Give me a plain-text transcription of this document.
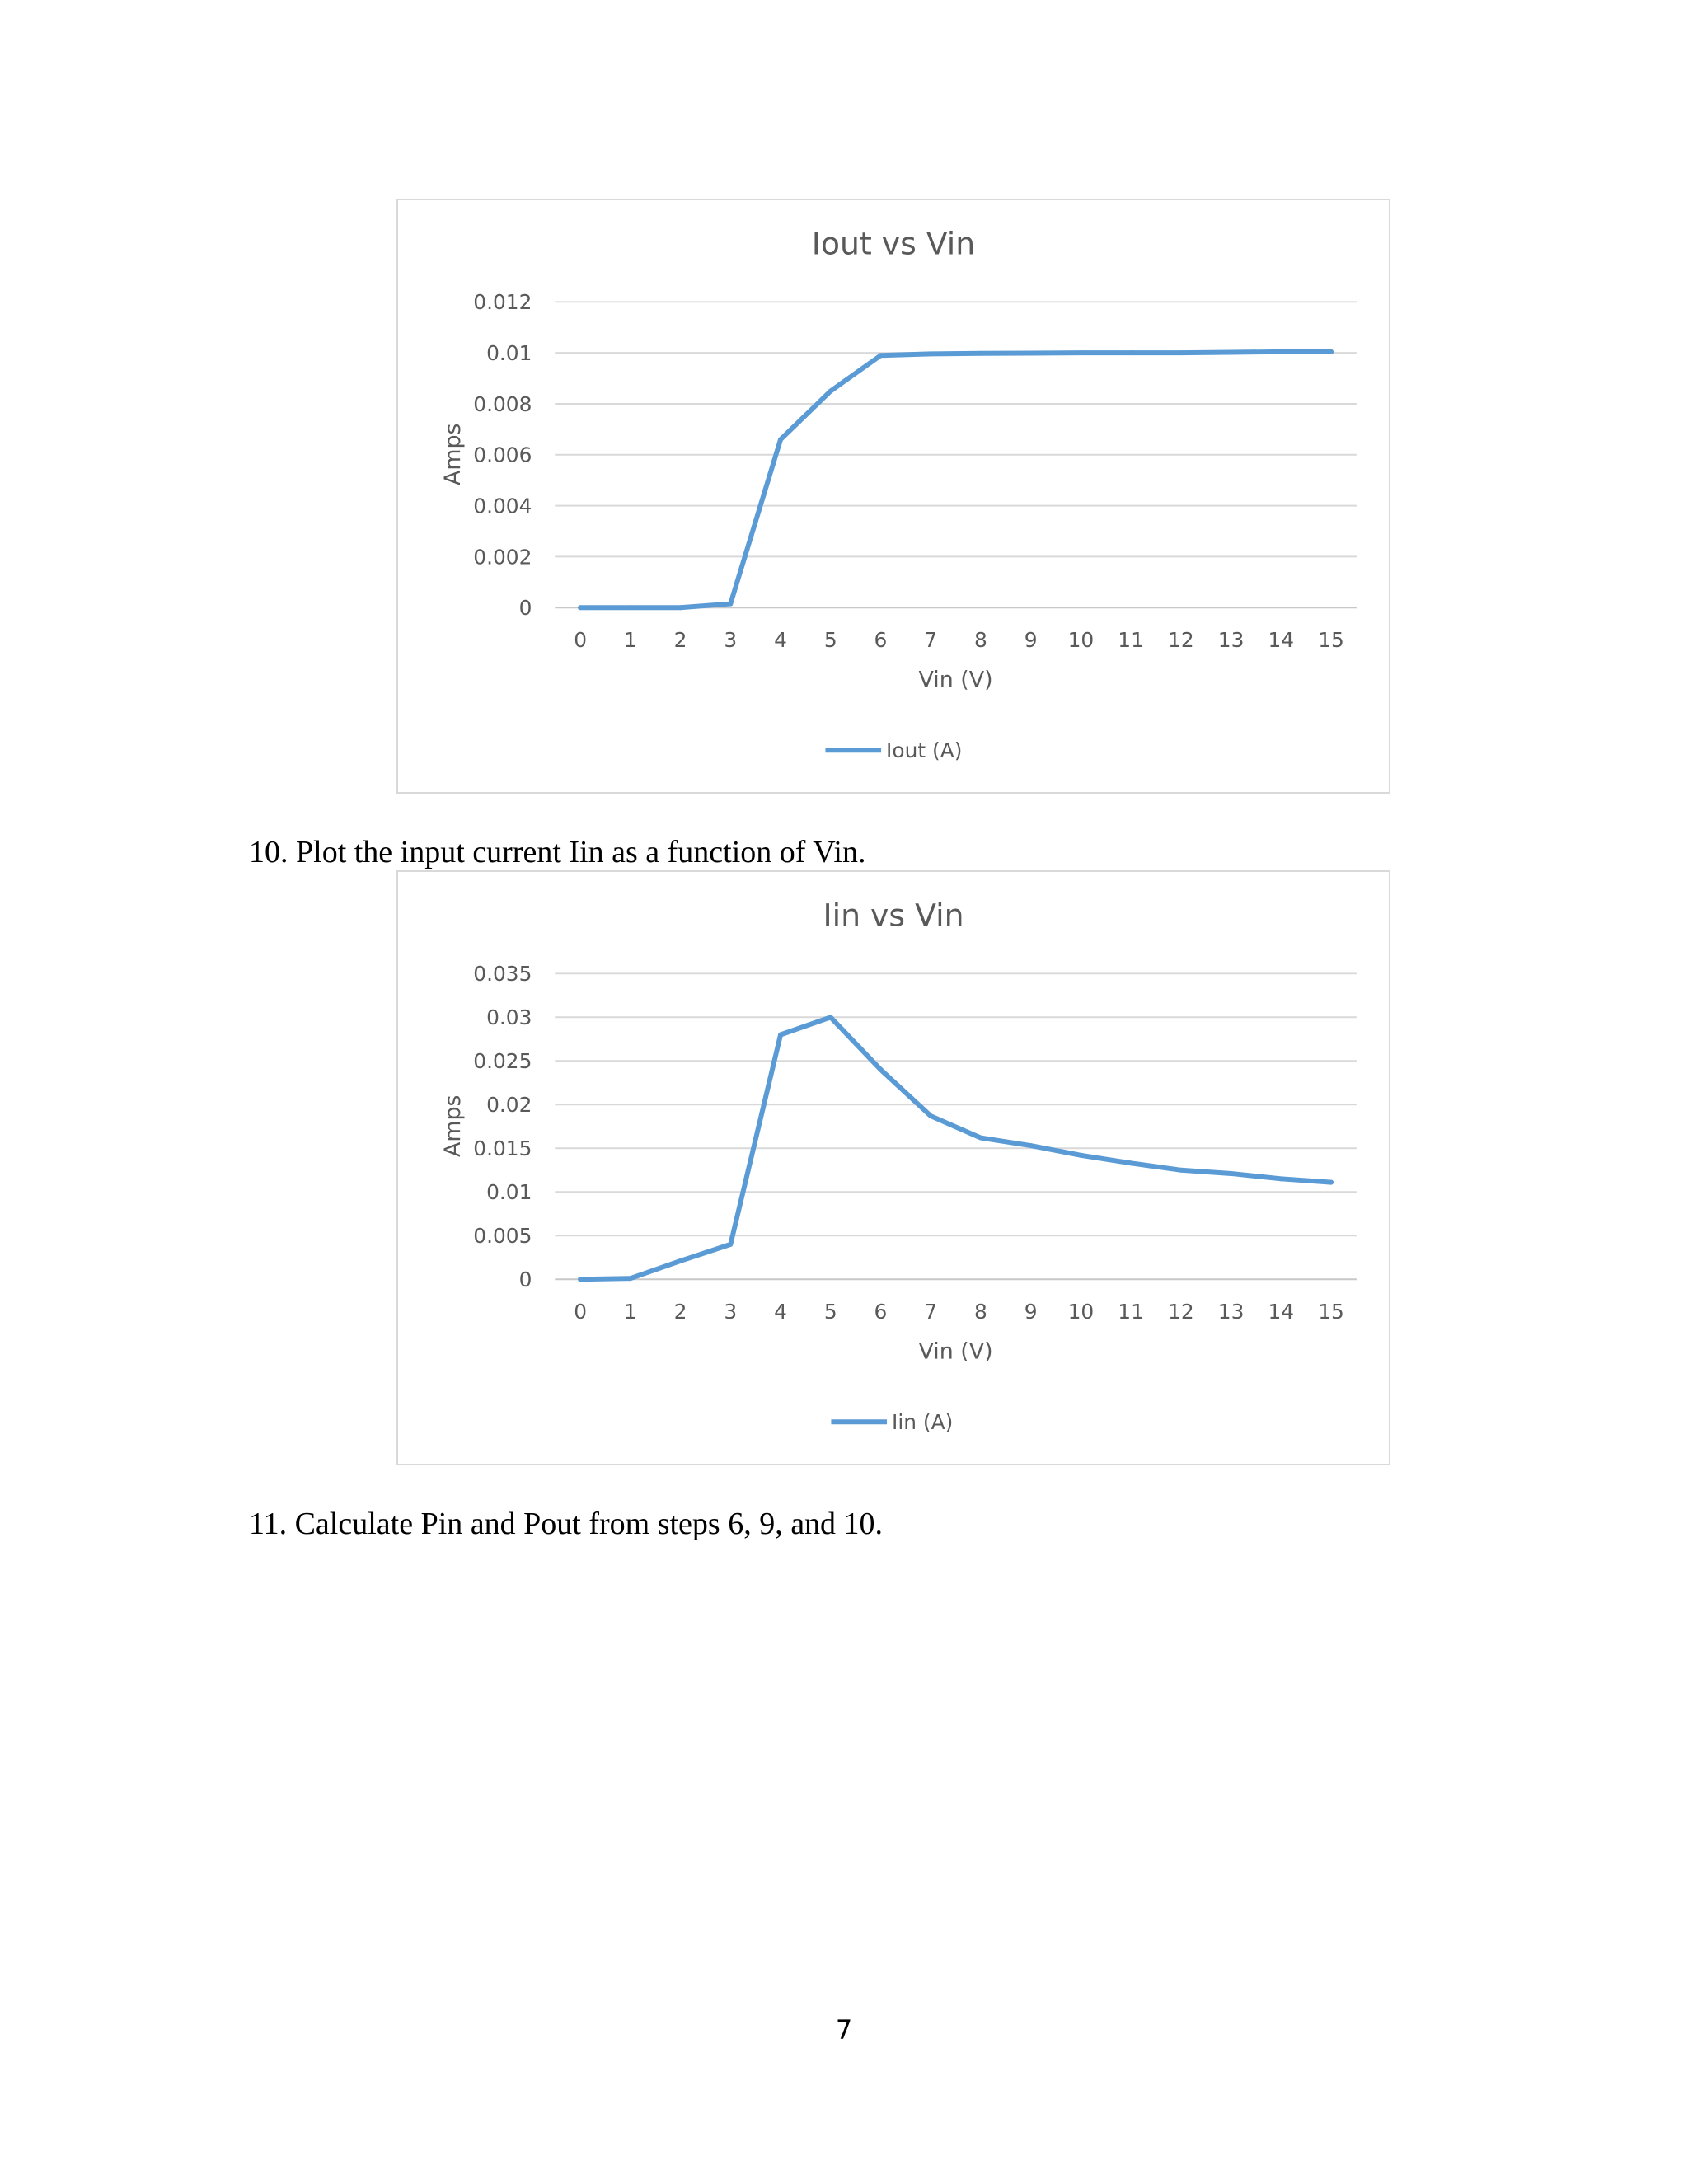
Iout vs Vin
0
0.002
0.004
0.006
0.008
0.01
0.012
0 1 2 3 4 5 6 7 8 9 10 11 12 13 14 15
Vin (V)
Amps
Iout (A)

10. Plot the input current Iin as a function of Vin.

Iin vs Vin
0
0.005
0.01
0.015
0.02
0.025
0.03
0.035
0 1 2 3 4 5 6 7 8 9 10 11 12 13 14 15
Vin (V)
Amps
Iin (A)

11. Calculate Pin and Pout from steps 6, 9, and 10.

7
